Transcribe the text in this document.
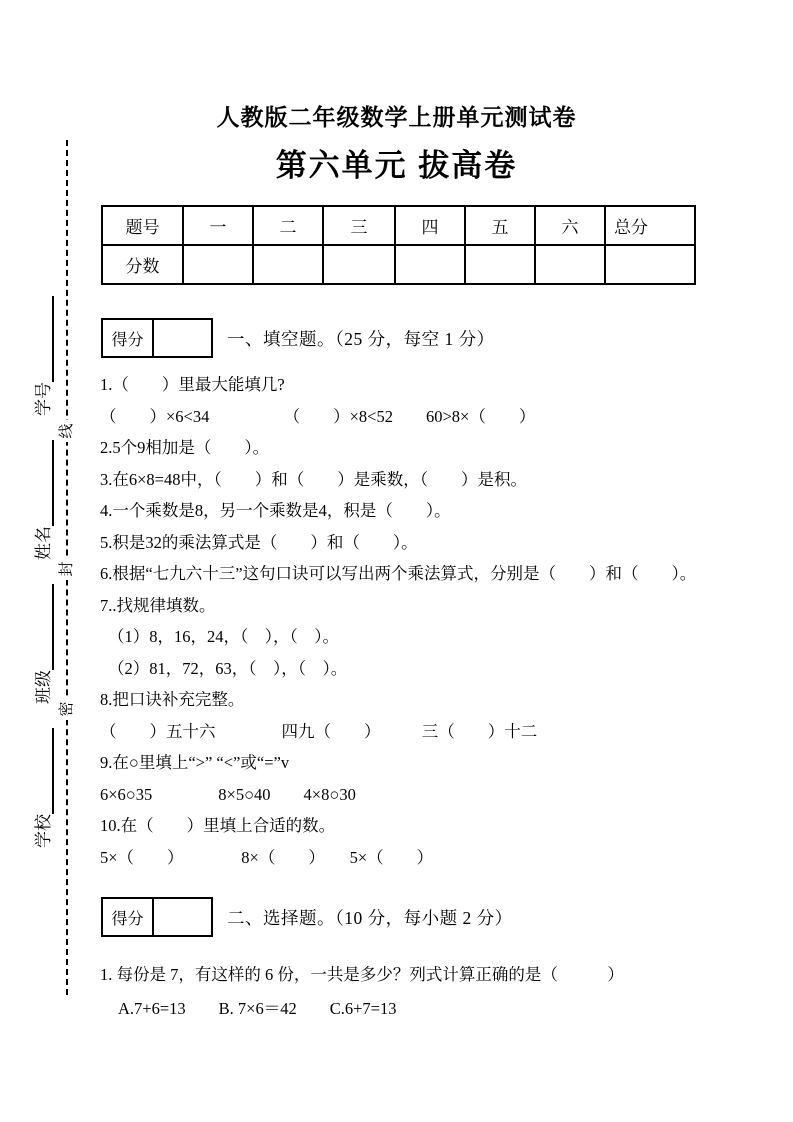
线
封
密
学校
班级
姓名
学号
人教版二年级数学上册单元测试卷
第六单元 拔高卷
题号	一	二	三	四	五	六	总分
分数							
得分	一、填空题。（25 分，每空 1 分）
1.（　　）里最大能填几?
（　　）×6<34　　　　　（　　）×8<52　　60>8×（　　）
2.5个9相加是（　　）。
3.在6×8=48中，（　　）和（　　）是乘数，（　　）是积。
4.一个乘数是8，另一个乘数是4，积是（　　）。
5.积是32的乘法算式是（　　）和（　　）。
6.根据“七九六十三”这句口诀可以写出两个乘法算式，分别是（　　）和（　　）。
7..找规律填数。
（1）8，16，24，（　），（　）。
（2）81，72，63，（　），（　）。
8.把口诀补充完整。
（　　）五十六　　　　四九（　　）　　　三（　　）十二
9.在○里填上“>” “<”或“=”v
6×6○35　　　　8×5○40　　4×8○30
10.在（　　）里填上合适的数。
5×（　　）　　　　8×（　　）　　5×（　　）
得分	二、选择题。（10 分，每小题 2 分）
1. 每份是 7，有这样的 6 份，一共是多少？列式计算正确的是（　　　）
A.7+6=13　　B. 7×6＝42　　C.6+7=13
